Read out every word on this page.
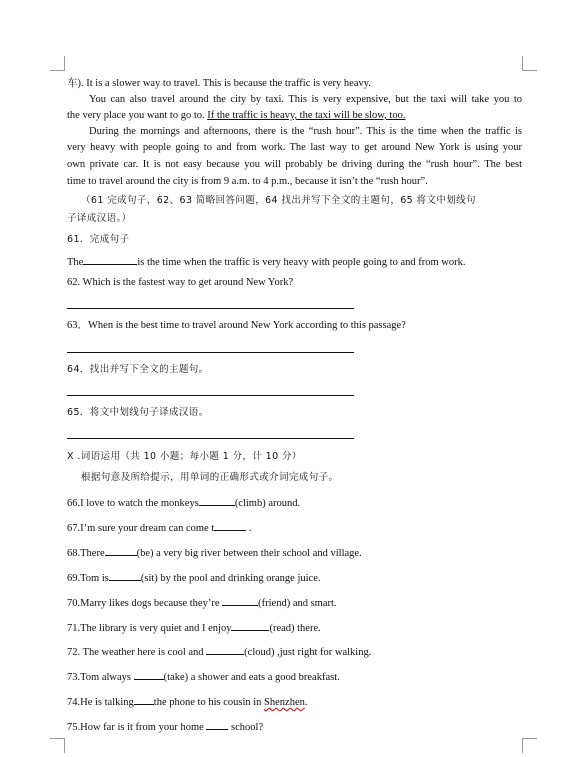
车). It is a slower way to travel. This is because the traffic is very heavy.
You can also travel around the city by taxi. This is very expensive, but the taxi will take you to
the very place you want to go to. If the traffic is heavy, the taxi will be slow, too.
During the mornings and afternoons, there is the “rush hour”. This is the time when the traffic is
very heavy with people going to and from work. The last way to get around New York is using your
own private car. It is not easy because you will probably be driving during the “rush hour”. The best
time to travel around the city is from 9 a.m. to 4 p.m., because it isn’t the “rush hour”.
（61 完成句子，62、63 简略回答问题，64 找出并写下全文的主题句，65 将文中划线句
子译成汉语。）
61．完成句子
The	is the time when the traffic is very heavy with people going to and from work.
62. Which is the fastest way to get around New York?
63．When is the best time to travel around New York according to this passage?
64．找出并写下全文的主题句。
65．将文中划线句子译成汉语。
X .词语运用（共 10 小题；每小题 1 分，计 10 分）
根据句意及所给提示，用单词的正确形式或介词完成句子。
66.I love to watch the monkeys	(climb) around.
67.I’m sure your dream can come t	.
68.There	(be) a very big river between their school and village.
69.Tom is	(sit) by the pool and drinking orange juice.
70.Marry likes dogs because they’re	(friend) and smart.
71.The library is very quiet and I enjoy	(read) there.
72. The weather here is cool and	(cloud) ,just right for walking.
73.Tom always	(take) a shower and eats a good breakfast.
74.He is talking the phone to his cousin in Shenzhen.
75.How far is it from your home  school?
